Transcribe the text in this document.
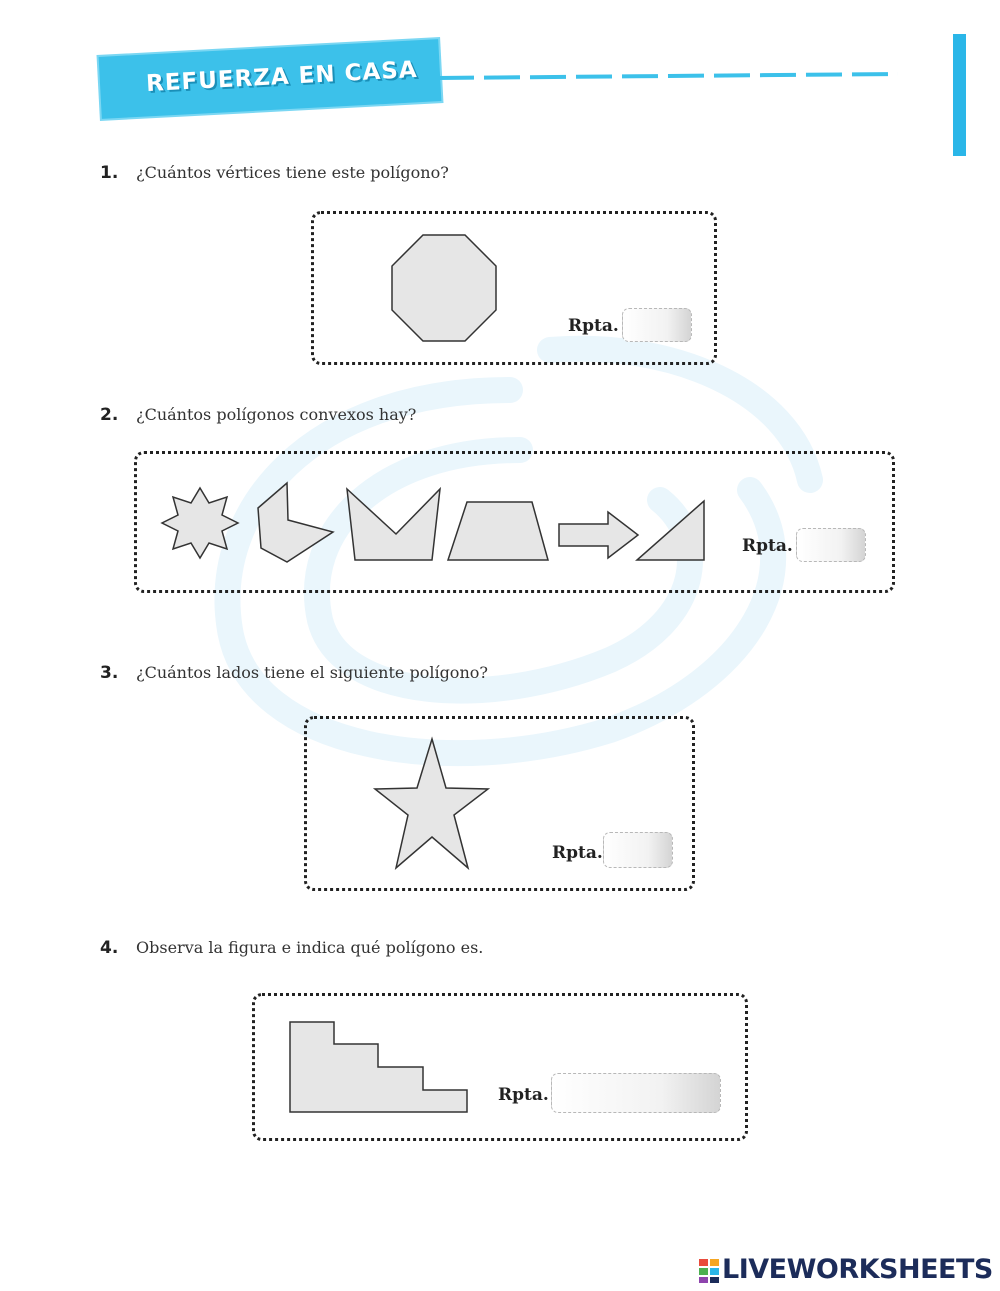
REFUERZA EN CASA
1. ¿Cuántos vértices tiene este polígono?
Rpta.
2. ¿Cuántos polígonos convexos hay?
Rpta.
3. ¿Cuántos lados tiene el siguiente polígono?
Rpta.
4. Observa la figura e indica qué polígono es.
Rpta.
LIVEWORKSHEETS
